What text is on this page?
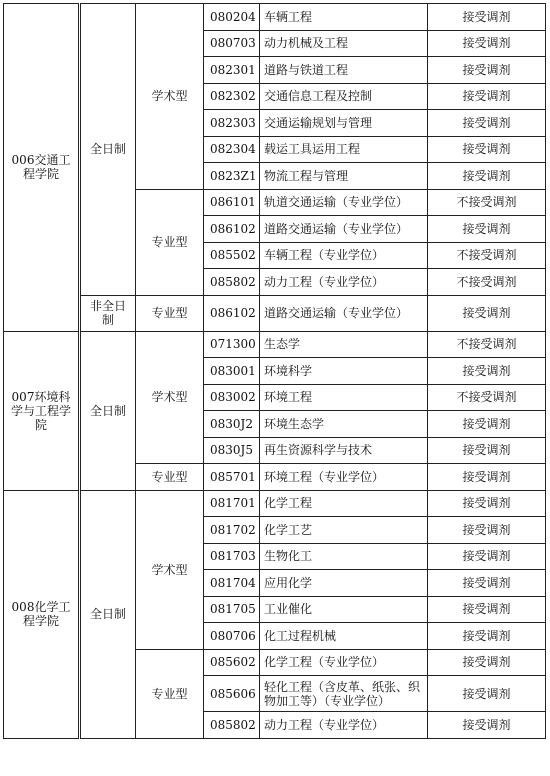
006交通工程学院	全日制	学术型	080204	车辆工程	接受调剂
			080703	动力机械及工程	接受调剂
			082301	道路与铁道工程	接受调剂
			082302	交通信息工程及控制	接受调剂
			082303	交通运输规划与管理	接受调剂
			082304	载运工具运用工程	接受调剂
			0823Z1	物流工程与管理	接受调剂
		专业型	086101	轨道交通运输（专业学位）	不接受调剂
			086102	道路交通运输（专业学位）	接受调剂
			085502	车辆工程（专业学位）	不接受调剂
			085802	动力工程（专业学位）	不接受调剂
	非全日制	专业型	086102	道路交通运输（专业学位）	接受调剂
007环境科学与工程学院	全日制	学术型	071300	生态学	不接受调剂
			083001	环境科学	接受调剂
			083002	环境工程	不接受调剂
			0830J2	环境生态学	接受调剂
			0830J5	再生资源科学与技术	接受调剂
		专业型	085701	环境工程（专业学位）	接受调剂
008化学工程学院	全日制	学术型	081701	化学工程	接受调剂
			081702	化学工艺	接受调剂
			081703	生物化工	接受调剂
			081704	应用化学	接受调剂
			081705	工业催化	接受调剂
			080706	化工过程机械	接受调剂
		专业型	085602	化学工程（专业学位）	接受调剂
			085606	轻化工程（含皮革、纸张、织物加工等）（专业学位）	接受调剂
			085802	动力工程（专业学位）	接受调剂
